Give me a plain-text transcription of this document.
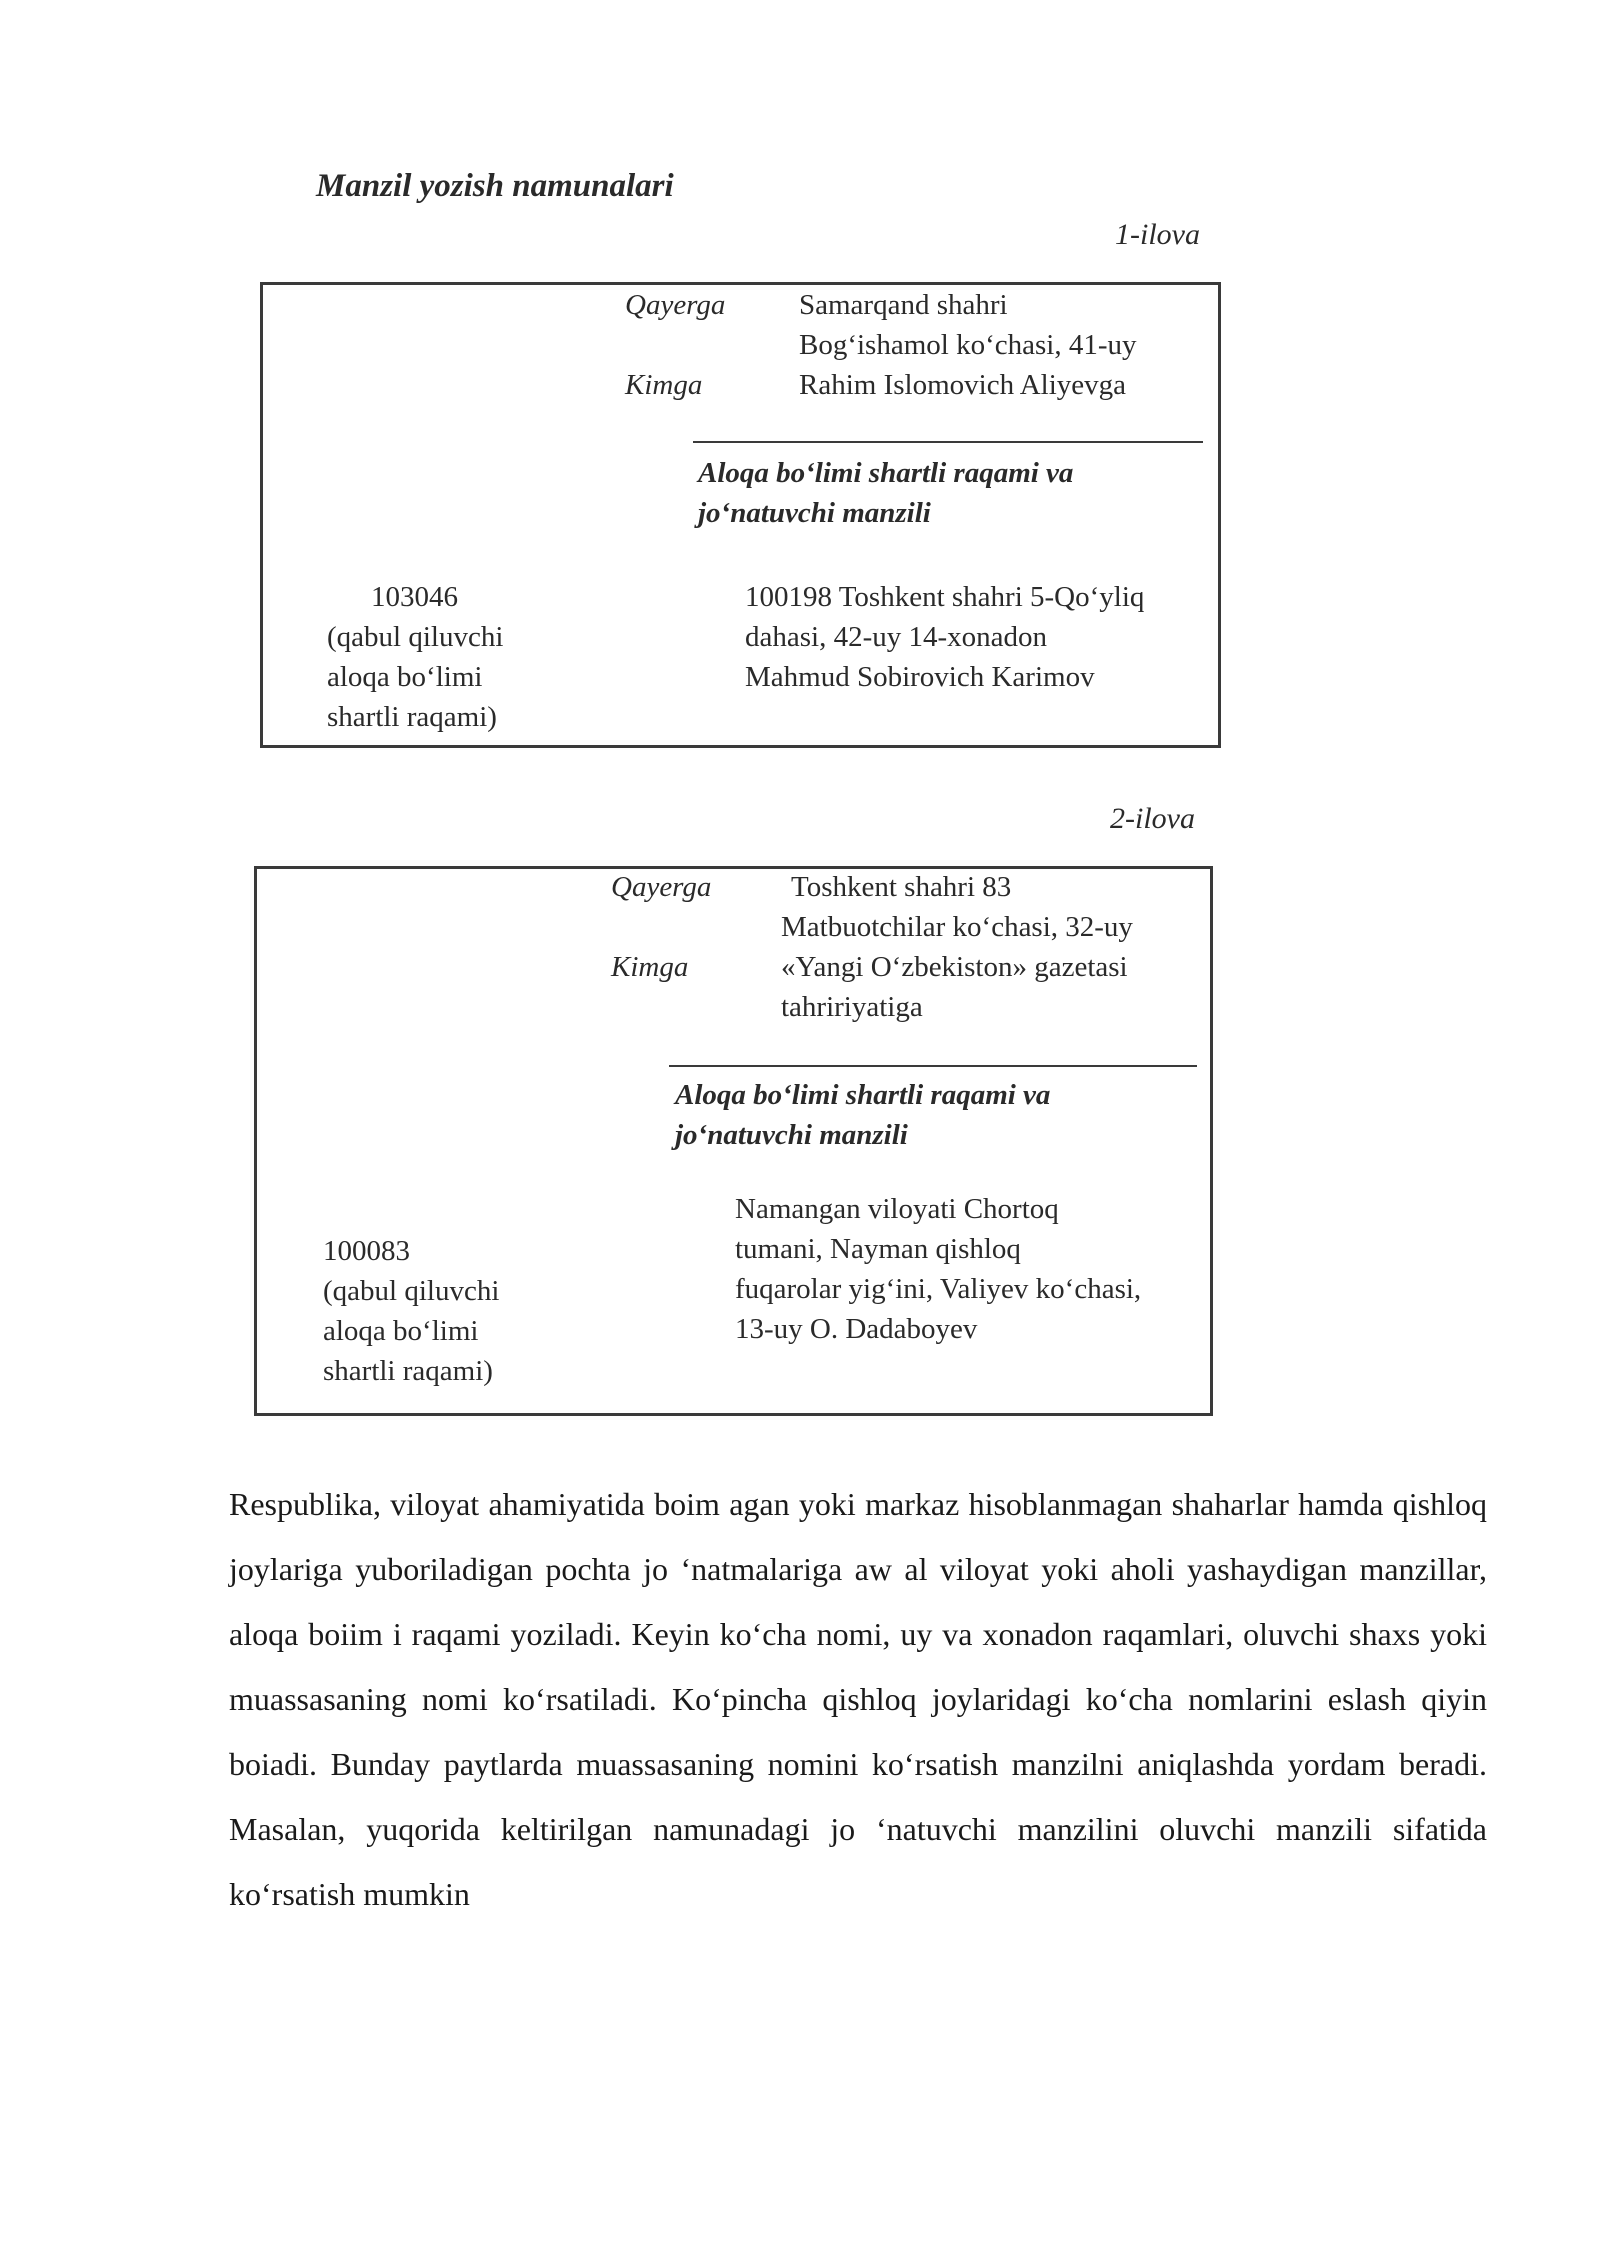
Manzil yozish namunalari
1-ilova
Qayerga
Kimga
Samarqand shahri
Bog‘ishamol ko‘chasi, 41-uy
Rahim Islomovich Aliyevga
Aloqa bo‘limi shartli raqami va
jo‘natuvchi manzili
103046
(qabul qiluvchi
aloqa bo‘limi
shartli raqami)
100198 Toshkent shahri 5-Qo‘yliq
dahasi, 42-uy 14-xonadon
Mahmud Sobirovich Karimov
2-ilova
Qayerga
Kimga
Toshkent shahri 83
Matbuotchilar ko‘chasi, 32-uy
«Yangi O‘zbekiston» gazetasi
tahririyatiga
Aloqa bo‘limi shartli raqami va
jo‘natuvchi manzili
100083
(qabul qiluvchi
aloqa bo‘limi
shartli raqami)
Namangan viloyati Chortoq
tumani, Nayman qishloq
fuqarolar yig‘ini, Valiyev ko‘chasi,
13-uy O. Dadaboyev

Respublika, viloyat ahamiyatida boim agan yoki markaz hisoblanmagan shaharlar hamda qishloq joylariga yuboriladigan pochta jo ‘natmalariga aw al viloyat yoki aholi yashaydigan manzillar, aloqa boiim i raqami yoziladi. Keyin ko‘cha nomi, uy va xonadon raqamlari, oluvchi shaxs yoki muassasaning nomi ko‘rsatiladi. Ko‘pincha qishloq joylaridagi ko‘cha nomlarini eslash qiyin boiadi. Bunday paytlarda muassasaning nomini ko‘rsatish manzilni aniqlashda yordam beradi. Masalan, yuqorida keltirilgan namunadagi jo ‘natuvchi manzilini oluvchi manzili sifatida ko‘rsatish mumkin
